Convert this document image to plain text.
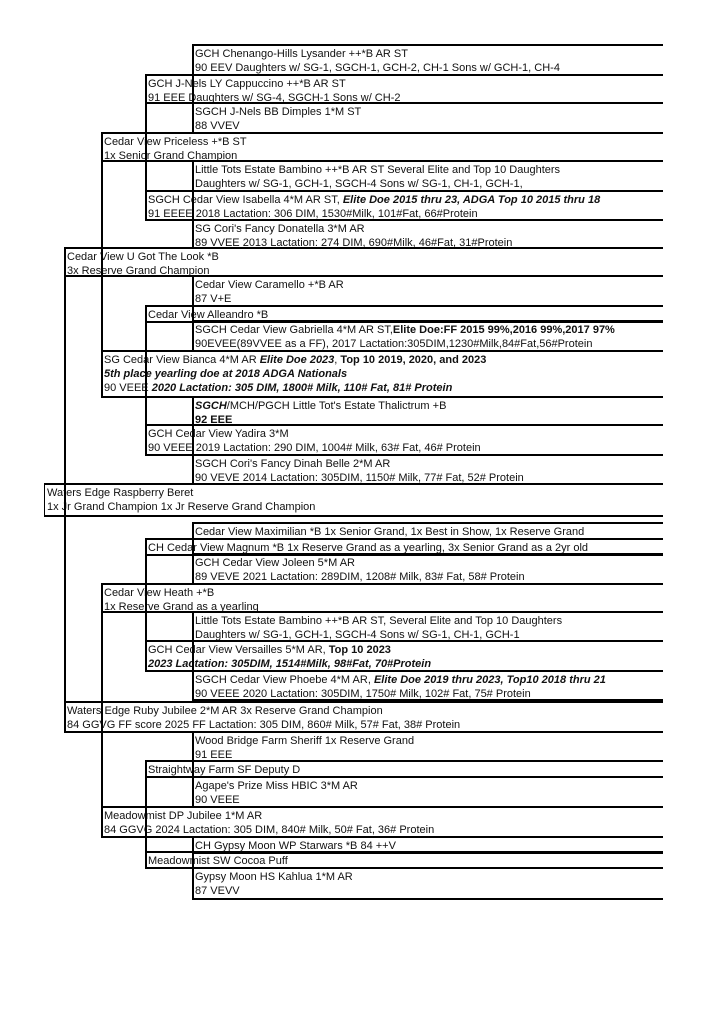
GCH Chenango-Hills Lysander ++*B AR ST
90 EEV Daughters w/ SG-1, SGCH-1, GCH-2, CH-1 Sons w/ GCH-1, CH-4
GCH J-Nels LY Cappuccino ++*B AR ST
91 EEE Daughters w/ SG-4, SGCH-1 Sons w/ CH-2
SGCH J-Nels BB Dimples 1*M ST
88 VVEV
Cedar View Priceless +*B ST
1x Senior Grand Champion
Little Tots Estate Bambino ++*B AR ST Several Elite and Top 10 Daughters
Daughters w/ SG-1, GCH-1, SGCH-4 Sons w/ SG-1, CH-1, GCH-1,
SGCH Cedar View Isabella 4*M AR ST, Elite Doe 2015 thru 23, ADGA Top 10 2015 thru 18
91 EEEE 2018 Lactation: 306 DIM, 1530#Milk, 101#Fat, 66#Protein
SG Cori's Fancy Donatella 3*M AR
89 VVEE 2013 Lactation: 274 DIM, 690#Milk, 46#Fat, 31#Protein
Cedar View U Got The Look *B
3x Reserve Grand Champion
Cedar View Caramello +*B AR
87 V+E
Cedar View Alleandro *B
SGCH Cedar View Gabriella 4*M AR ST,Elite Doe:FF 2015 99%,2016 99%,2017 97%
90EVEE(89VVEE as a FF), 2017 Lactation:305DIM,1230#Milk,84#Fat,56#Protein
SG Cedar View Bianca 4*M AR Elite Doe 2023, Top 10 2019, 2020, and 2023
5th place yearling doe at 2018 ADGA Nationals
90 VEEE 2020 Lactation: 305 DIM, 1800# Milk, 110# Fat, 81# Protein
SGCH/MCH/PGCH Little Tot's Estate Thalictrum +B
92 EEE
GCH Cedar View Yadira 3*M
90 VEEE 2019 Lactation: 290 DIM, 1004# Milk, 63# Fat, 46# Protein
SGCH Cori's Fancy Dinah Belle 2*M AR
90 VEVE 2014 Lactation: 305DIM, 1150# Milk, 77# Fat, 52# Protein
Waters Edge Raspberry Beret
1x Jr Grand Champion 1x Jr Reserve Grand Champion
Cedar View Maximilian *B 1x Senior Grand, 1x Best in Show, 1x Reserve Grand
CH Cedar View Magnum *B 1x Reserve Grand as a yearling, 3x Senior Grand as a 2yr old
GCH Cedar View Joleen 5*M AR
89 VEVE 2021 Lactation: 289DIM, 1208# Milk, 83# Fat, 58# Protein
Cedar View Heath +*B
1x Reserve Grand as a yearling
Little Tots Estate Bambino ++*B AR ST, Several Elite and Top 10 Daughters
Daughters w/ SG-1, GCH-1, SGCH-4 Sons w/ SG-1, CH-1, GCH-1
GCH Cedar View Versailles 5*M AR, Top 10 2023
2023 Lactation: 305DIM, 1514#Milk, 98#Fat, 70#Protein
SGCH Cedar View Phoebe 4*M AR, Elite Doe 2019 thru 2023, Top10 2018 thru 21
90 VEEE 2020 Lactation: 305DIM, 1750# Milk, 102# Fat, 75# Protein
Waters Edge Ruby Jubilee 2*M AR 3x Reserve Grand Champion
84 GGVG FF score 2025 FF Lactation: 305 DIM, 860# Milk, 57# Fat, 38# Protein
Wood Bridge Farm Sheriff 1x Reserve Grand
91 EEE
Straightway Farm SF Deputy D
Agape's Prize Miss HBIC 3*M AR
90 VEEE
Meadowmist DP Jubilee 1*M AR
84 GGVG 2024 Lactation: 305 DIM, 840# Milk, 50# Fat, 36# Protein
CH Gypsy Moon WP Starwars *B 84 ++V
Meadowmist SW Cocoa Puff
Gypsy Moon HS Kahlua 1*M AR
87 VEVV
